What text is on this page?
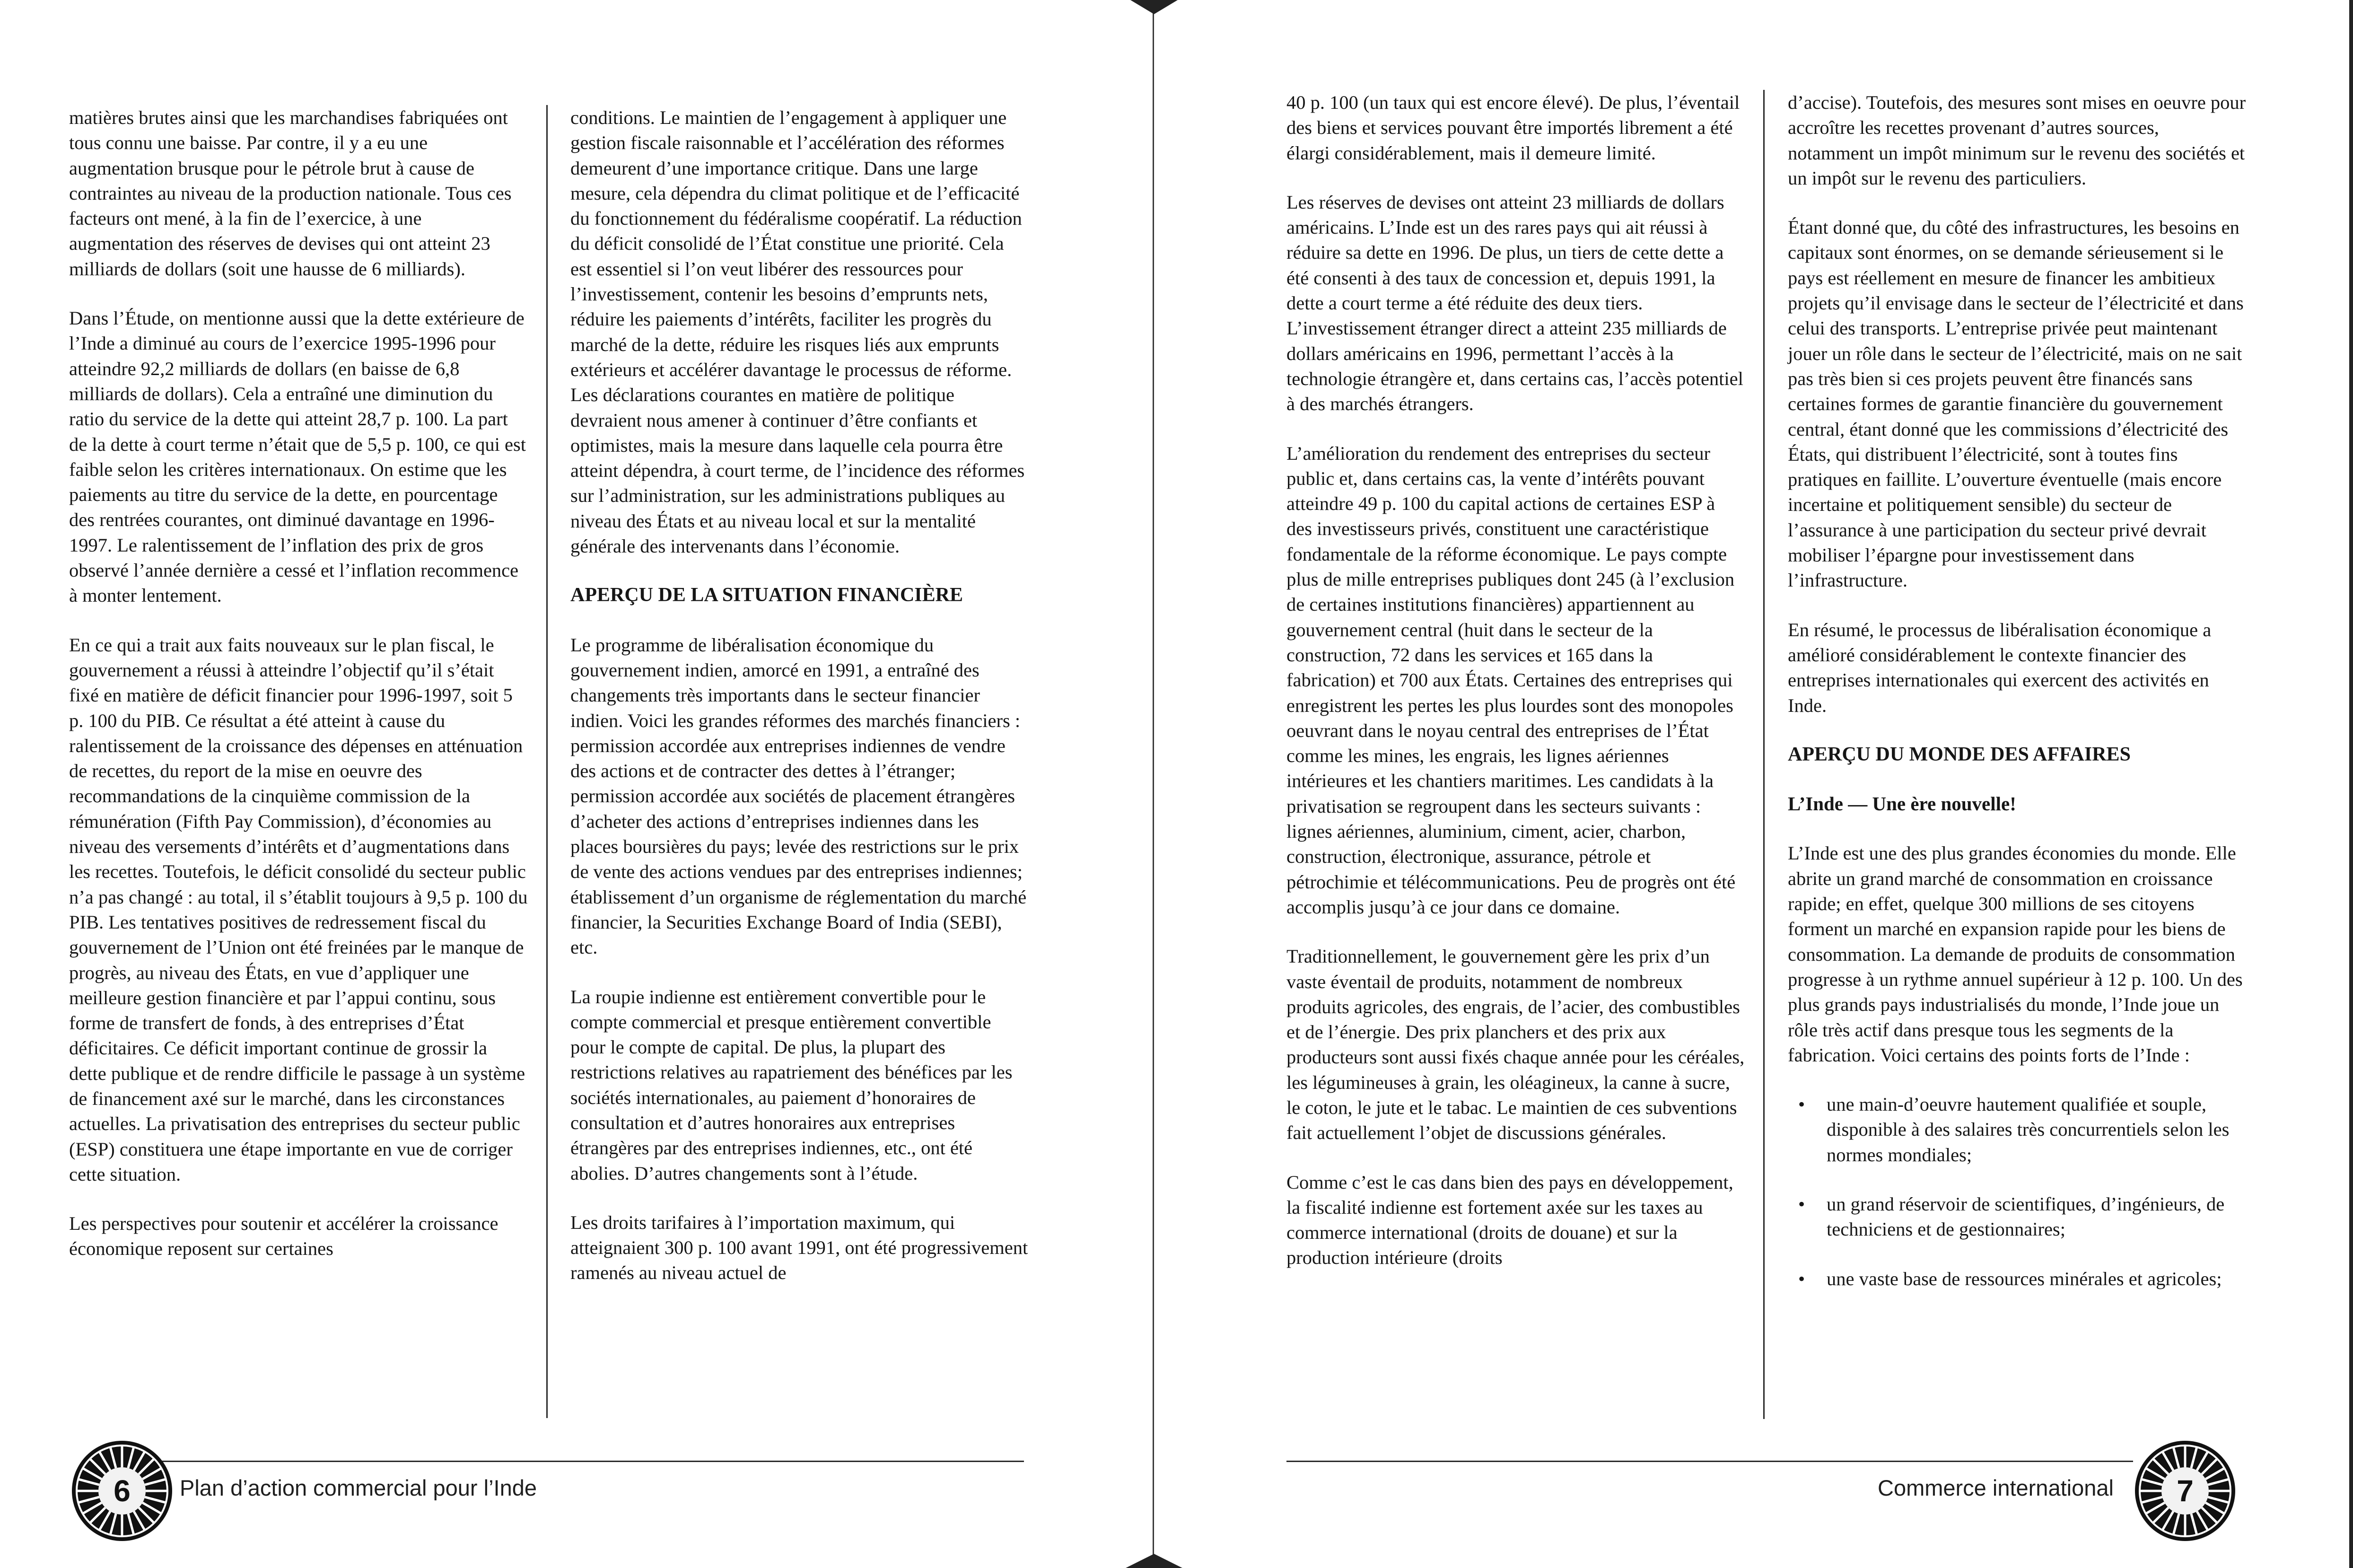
matières brutes ainsi que les marchandises fabriquées ont tous connu une baisse. Par contre, il y a eu une augmentation brusque pour le pétrole brut à cause de contraintes au niveau de la production nationale. Tous ces facteurs ont mené, à la fin de l’exercice, à une augmentation des réserves de devises qui ont atteint 23 milliards de dollars (soit une hausse de 6 milliards).

Dans l’Étude, on mentionne aussi que la dette extérieure de l’Inde a diminué au cours de l’exercice 1995-1996 pour atteindre 92,2 milliards de dollars (en baisse de 6,8 milliards de dollars). Cela a entraîné une diminution du ratio du service de la dette qui atteint 28,7 p. 100. La part de la dette à court terme n’était que de 5,5 p. 100, ce qui est faible selon les critères internationaux. On estime que les paiements au titre du service de la dette, en pourcentage des rentrées courantes, ont diminué davantage en 1996-1997. Le ralentissement de l’inflation des prix de gros observé l’année dernière a cessé et l’inflation recommence à monter lentement.

En ce qui a trait aux faits nouveaux sur le plan fiscal, le gouvernement a réussi à atteindre l’objectif qu’il s’était fixé en matière de déficit financier pour 1996-1997, soit 5 p. 100 du PIB. Ce résultat a été atteint à cause du ralentissement de la croissance des dépenses en atténuation de recettes, du report de la mise en oeuvre des recommandations de la cinquième commission de la rémunération (Fifth Pay Commission), d’économies au niveau des versements d’intérêts et d’augmentations dans les recettes. Toutefois, le déficit consolidé du secteur public n’a pas changé : au total, il s’établit toujours à 9,5 p. 100 du PIB. Les tentatives positives de redressement fiscal du gouvernement de l’Union ont été freinées par le manque de progrès, au niveau des États, en vue d’appliquer une meilleure gestion financière et par l’appui continu, sous forme de transfert de fonds, à des entreprises d’État déficitaires. Ce déficit important continue de grossir la dette publique et de rendre difficile le passage à un système de financement axé sur le marché, dans les circonstances actuelles. La privatisation des entreprises du secteur public (ESP) constituera une étape importante en vue de corriger cette situation.

Les perspectives pour soutenir et accélérer la croissance économique reposent sur certaines

conditions. Le maintien de l’engagement à appliquer une gestion fiscale raisonnable et l’accélération des réformes demeurent d’une importance critique. Dans une large mesure, cela dépendra du climat politique et de l’efficacité du fonctionnement du fédéralisme coopératif. La réduction du déficit consolidé de l’État constitue une priorité. Cela est essentiel si l’on veut libérer des ressources pour l’investissement, contenir les besoins d’emprunts nets, réduire les paiements d’intérêts, faciliter les progrès du marché de la dette, réduire les risques liés aux emprunts extérieurs et accélérer davantage le processus de réforme. Les déclarations courantes en matière de politique devraient nous amener à continuer d’être confiants et optimistes, mais la mesure dans laquelle cela pourra être atteint dépendra, à court terme, de l’incidence des réformes sur l’administration, sur les administrations publiques au niveau des États et au niveau local et sur la mentalité générale des intervenants dans l’économie.

APERÇU DE LA SITUATION FINANCIÈRE

Le programme de libéralisation économique du gouvernement indien, amorcé en 1991, a entraîné des changements très importants dans le secteur financier indien. Voici les grandes réformes des marchés financiers : permission accordée aux entreprises indiennes de vendre des actions et de contracter des dettes à l’étranger; permission accordée aux sociétés de placement étrangères d’acheter des actions d’entreprises indiennes dans les places boursières du pays; levée des restrictions sur le prix de vente des actions vendues par des entreprises indiennes; établissement d’un organisme de réglementation du marché financier, la Securities Exchange Board of India (SEBI), etc.

La roupie indienne est entièrement convertible pour le compte commercial et presque entièrement convertible pour le compte de capital. De plus, la plupart des restrictions relatives au rapatriement des bénéfices par les sociétés internationales, au paiement d’honoraires de consultation et d’autres honoraires aux entreprises étrangères par des entreprises indiennes, etc., ont été abolies. D’autres changements sont à l’étude.

Les droits tarifaires à l’importation maximum, qui atteignaient 300 p. 100 avant 1991, ont été progressivement ramenés au niveau actuel de

6	Plan d’action commercial pour l’Inde

40 p. 100 (un taux qui est encore élevé). De plus, l’éventail des biens et services pouvant être importés librement a été élargi considérablement, mais il demeure limité.

Les réserves de devises ont atteint 23 milliards de dollars américains. L’Inde est un des rares pays qui ait réussi à réduire sa dette en 1996. De plus, un tiers de cette dette a été consenti à des taux de concession et, depuis 1991, la dette a court terme a été réduite des deux tiers. L’investissement étranger direct a atteint 235 milliards de dollars américains en 1996, permettant l’accès à la technologie étrangère et, dans certains cas, l’accès potentiel à des marchés étrangers.

L’amélioration du rendement des entreprises du secteur public et, dans certains cas, la vente d’intérêts pouvant atteindre 49 p. 100 du capital actions de certaines ESP à des investisseurs privés, constituent une caractéristique fondamentale de la réforme économique. Le pays compte plus de mille entreprises publiques dont 245 (à l’exclusion de certaines institutions financières) appartiennent au gouvernement central (huit dans le secteur de la construction, 72 dans les services et 165 dans la fabrication) et 700 aux États. Certaines des entreprises qui enregistrent les pertes les plus lourdes sont des monopoles oeuvrant dans le noyau central des entreprises de l’État comme les mines, les engrais, les lignes aériennes intérieures et les chantiers maritimes. Les candidats à la privatisation se regroupent dans les secteurs suivants : lignes aériennes, aluminium, ciment, acier, charbon, construction, électronique, assurance, pétrole et pétrochimie et télécommunications. Peu de progrès ont été accomplis jusqu’à ce jour dans ce domaine.

Traditionnellement, le gouvernement gère les prix d’un vaste éventail de produits, notamment de nombreux produits agricoles, des engrais, de l’acier, des combustibles et de l’énergie. Des prix planchers et des prix aux producteurs sont aussi fixés chaque année pour les céréales, les légumineuses à grain, les oléagineux, la canne à sucre, le coton, le jute et le tabac. Le maintien de ces subventions fait actuellement l’objet de discussions générales.

Comme c’est le cas dans bien des pays en développement, la fiscalité indienne est fortement axée sur les taxes au commerce international (droits de douane) et sur la production intérieure (droits

d’accise). Toutefois, des mesures sont mises en oeuvre pour accroître les recettes provenant d’autres sources, notamment un impôt minimum sur le revenu des sociétés et un impôt sur le revenu des particuliers.

Étant donné que, du côté des infrastructures, les besoins en capitaux sont énormes, on se demande sérieusement si le pays est réellement en mesure de financer les ambitieux projets qu’il envisage dans le secteur de l’électricité et dans celui des transports. L’entreprise privée peut maintenant jouer un rôle dans le secteur de l’électricité, mais on ne sait pas très bien si ces projets peuvent être financés sans certaines formes de garantie financière du gouvernement central, étant donné que les commissions d’électricité des États, qui distribuent l’électricité, sont à toutes fins pratiques en faillite. L’ouverture éventuelle (mais encore incertaine et politiquement sensible) du secteur de l’assurance à une participation du secteur privé devrait mobiliser l’épargne pour investissement dans l’infrastructure.

En résumé, le processus de libéralisation économique a amélioré considérablement le contexte financier des entreprises internationales qui exercent des activités en Inde.

APERÇU DU MONDE DES AFFAIRES
L’Inde — Une ère nouvelle!

L’Inde est une des plus grandes économies du monde. Elle abrite un grand marché de consommation en croissance rapide; en effet, quelque 300 millions de ses citoyens forment un marché en expansion rapide pour les biens de consommation. La demande de produits de consommation progresse à un rythme annuel supérieur à 12 p. 100. Un des plus grands pays industrialisés du monde, l’Inde joue un rôle très actif dans presque tous les segments de la fabrication. Voici certains des points forts de l’Inde :

• une main-d’oeuvre hautement qualifiée et souple, disponible à des salaires très concurrentiels selon les normes mondiales;
• un grand réservoir de scientifiques, d’ingénieurs, de techniciens et de gestionnaires;
• une vaste base de ressources minérales et agricoles;
Commerce international	7
